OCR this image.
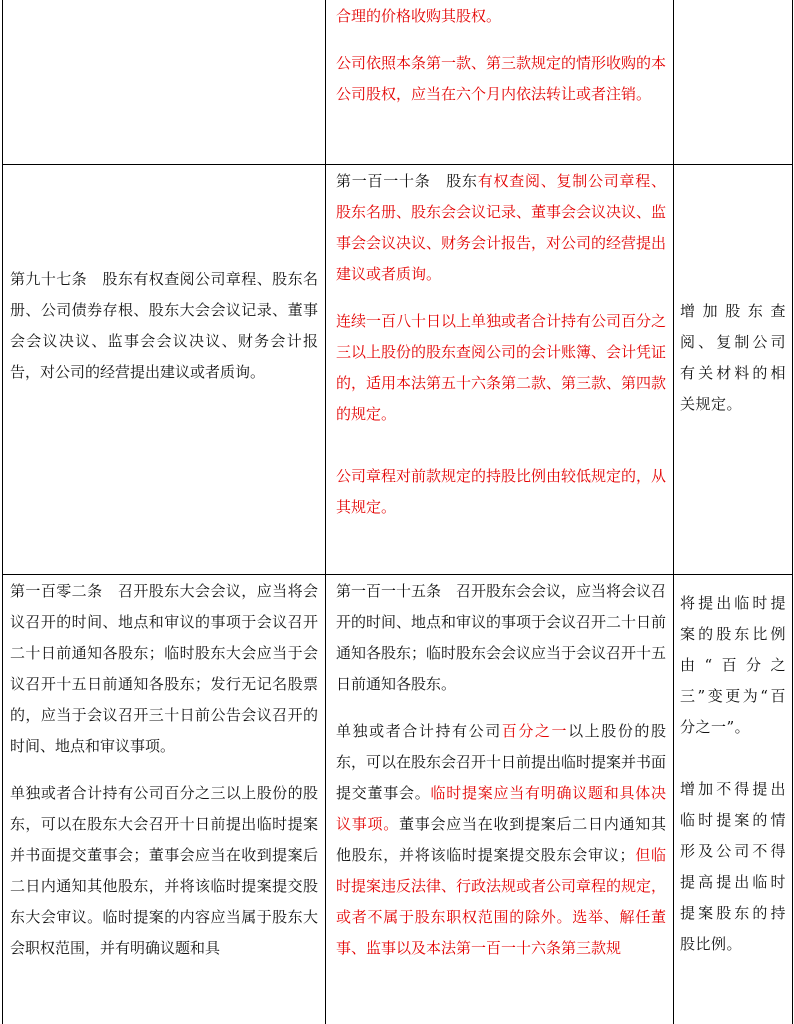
合理的价格收购其股权。

公司依照本条第一款、第三款规定的情形收购的本公司股权，应当在六个月内依法转让或者注销。

第九十七条　股东有权查阅公司章程、股东名册、公司债券存根、股东大会会议记录、董事会会议决议、监事会会议决议、财务会计报告，对公司的经营提出建议或者质询。

第一百一十条　股东有权查阅、复制公司章程、股东名册、股东会会议记录、董事会会议决议、监事会会议决议、财务会计报告，对公司的经营提出建议或者质询。

连续一百八十日以上单独或者合计持有公司百分之三以上股份的股东查阅公司的会计账簿、会计凭证的，适用本法第五十六条第二款、第三款、第四款的规定。

公司章程对前款规定的持股比例由较低规定的，从其规定。

增加股东查阅、复制公司有关材料的相关规定。

第一百零二条　召开股东大会会议，应当将会议召开的时间、地点和审议的事项于会议召开二十日前通知各股东；临时股东大会应当于会议召开十五日前通知各股东；发行无记名股票的，应当于会议召开三十日前公告会议召开的时间、地点和审议事项。

单独或者合计持有公司百分之三以上股份的股东，可以在股东大会召开十日前提出临时提案并书面提交董事会；董事会应当在收到提案后二日内通知其他股东，并将该临时提案提交股东大会审议。临时提案的内容应当属于股东大会职权范围，并有明确议题和具

第一百一十五条　召开股东会会议，应当将会议召开的时间、地点和审议的事项于会议召开二十日前通知各股东；临时股东会会议应当于会议召开十五日前通知各股东。

单独或者合计持有公司百分之一以上股份的股东，可以在股东会召开十日前提出临时提案并书面提交董事会。临时提案应当有明确议题和具体决议事项。董事会应当在收到提案后二日内通知其他股东，并将该临时提案提交股东会审议；但临时提案违反法律、行政法规或者公司章程的规定，或者不属于股东职权范围的除外。选举、解任董事、监事以及本法第一百一十六条第三款规

将提出临时提案的股东比例由“百分之三”变更为“百分之一”。

增加不得提出临时提案的情形及公司不得提高提出临时提案股东的持股比例。
